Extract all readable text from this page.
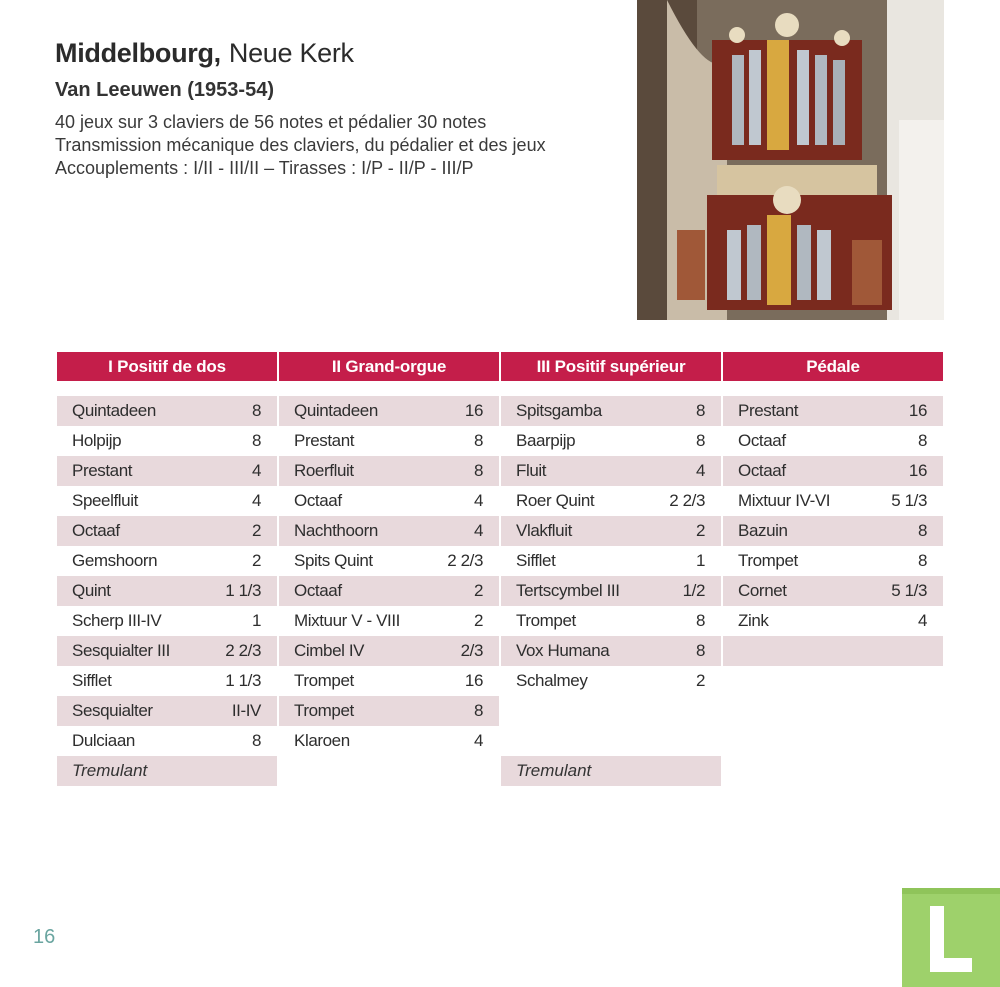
Middelbourg, Neue Kerk
Van Leeuwen (1953-54)
40 jeux sur 3 claviers de 56 notes et pédalier 30 notes
Transmission mécanique des claviers, du pédalier et des jeux
Accouplements : I/II - III/II – Tirasses : I/P - II/P - III/P
I Positif de dos
Quintadeen	8
Holpijp	8
Prestant	4
Speelfluit	4
Octaaf	2
Gemshoorn	2
Quint	1 1/3
Scherp III-IV	1
Sesquialter III	2 2/3
Sifflet	1 1/3
Sesquialter	II-IV
Dulciaan	8
Tremulant
II Grand-orgue
Quintadeen	16
Prestant	8
Roerfluit	8
Octaaf	4
Nachthoorn	4
Spits Quint	2 2/3
Octaaf	2
Mixtuur V - VIII	2
Cimbel IV	2/3
Trompet	16
Trompet	8
Klaroen	4
III Positif supérieur
Spitsgamba	8
Baarpijp	8
Fluit	4
Roer Quint	2 2/3
Vlakfluit	2
Sifflet	1
Tertscymbel III	1/2
Trompet	8
Vox Humana	8
Schalmey	2
Tremulant
Pédale
Prestant	16
Octaaf	8
Octaaf	16
Mixtuur IV-VI	5 1/3
Bazuin	8
Trompet	8
Cornet	5 1/3
Zink	4
16
